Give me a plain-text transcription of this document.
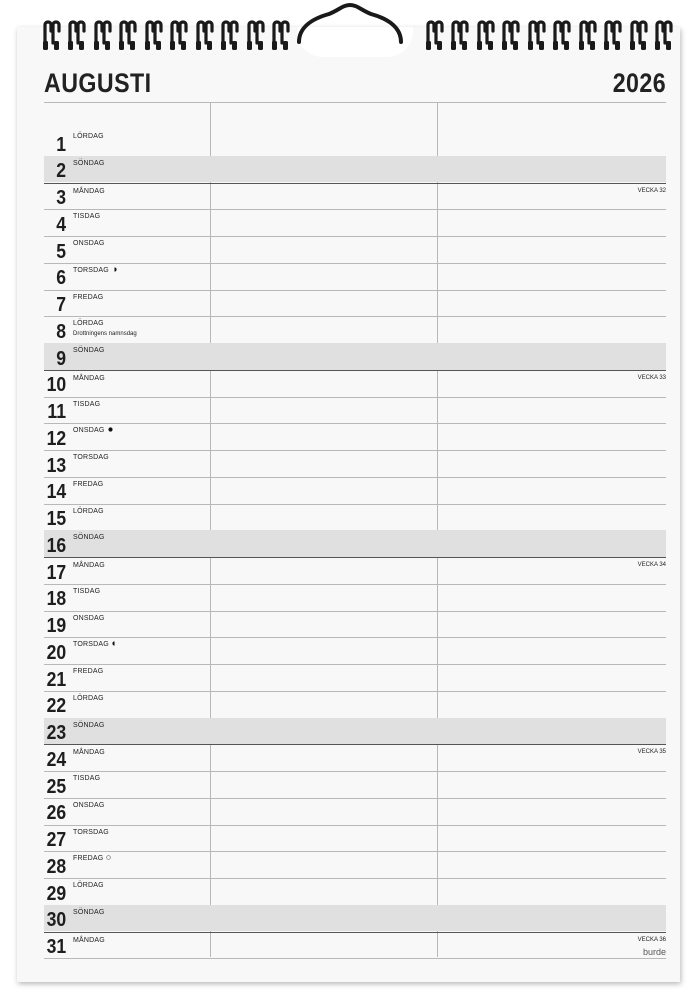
AUGUSTI	2026
1 LÖRDAG
2 SÖNDAG
3 MÅNDAG	VECKA 32
4 TISDAG
5 ONSDAG
6 TORSDAG
7 FREDAG
8 LÖRDAG
Drottningens namnsdag
9 SÖNDAG
10 MÅNDAG	VECKA 33
11 TISDAG
12 ONSDAG
13 TORSDAG
14 FREDAG
15 LÖRDAG
16 SÖNDAG
17 MÅNDAG	VECKA 34
18 TISDAG
19 ONSDAG
20 TORSDAG
21 FREDAG
22 LÖRDAG
23 SÖNDAG
24 MÅNDAG	VECKA 35
25 TISDAG
26 ONSDAG
27 TORSDAG
28 FREDAG
29 LÖRDAG
30 SÖNDAG
31 MÅNDAG	VECKA 36
burde
